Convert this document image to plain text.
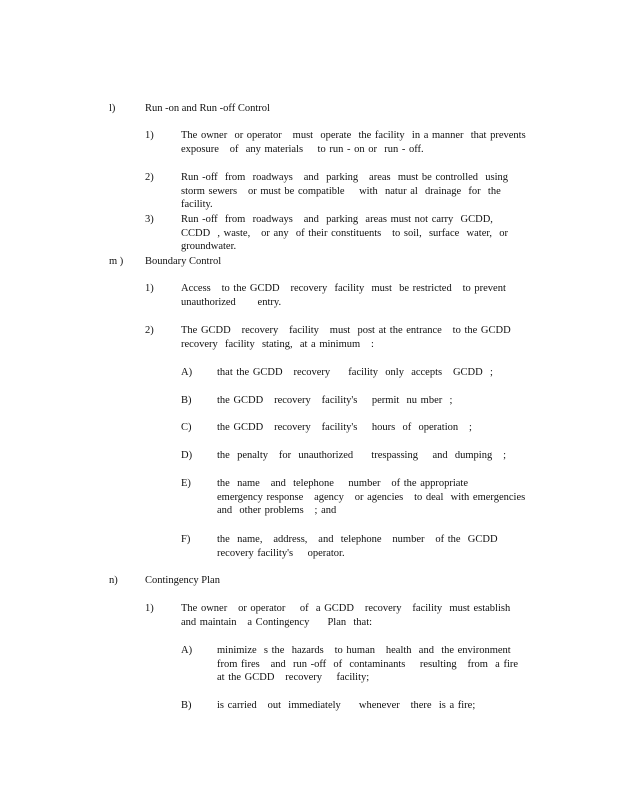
l)	Run -on and Run -off Control
1)	The owner  or operator   must  operate  the facility  in a manner  that prevents exposure   of  any materials    to run - on or  run - off.
2)	Run -off  from  roadways   and  parking   areas  must be controlled  using  storm sewers   or must be compatible    with  natur al  drainage  for  the facility.
3)	Run -off  from  roadways   and  parking  areas must not carry  GCDD,  CCDD  , waste,   or any  of their constituents   to soil,  surface  water,  or groundwater.
m ) Boundary Control
1)	Access   to the GCDD   recovery  facility  must  be restricted   to prevent unauthorized      entry.
2)	The GCDD   recovery   facility   must  post at the entrance   to the GCDD recovery  facility  stating,  at a minimum   :
A) that the GCDD   recovery     facility  only  accepts   GCDD  ;
B) the GCDD   recovery   facility's    permit  nu mber  ;
C) the GCDD   recovery   facility's    hours  of  operation   ;
D) the  penalty   for  unauthorized     trespassing    and  dumping   ;
E) the  name   and  telephone    number   of the appropriate    emergency response   agency   or agencies   to deal  with emergencies    and  other problems   ; and
F)	the  name,   address,   and  telephone   number   of the  GCDD   recovery facility's    operator.
n)	Contingency Plan
1)	The owner   or operator    of  a GCDD   recovery   facility  must establish   and maintain   a Contingency     Plan  that:
A) minimize  s the  hazards   to human   health  and  the environment    from fires   and  run -off  of  contaminants    resulting   from  a fire  at the GCDD   recovery    facility;
B) is carried   out  immediately     whenever   there  is a fire;
